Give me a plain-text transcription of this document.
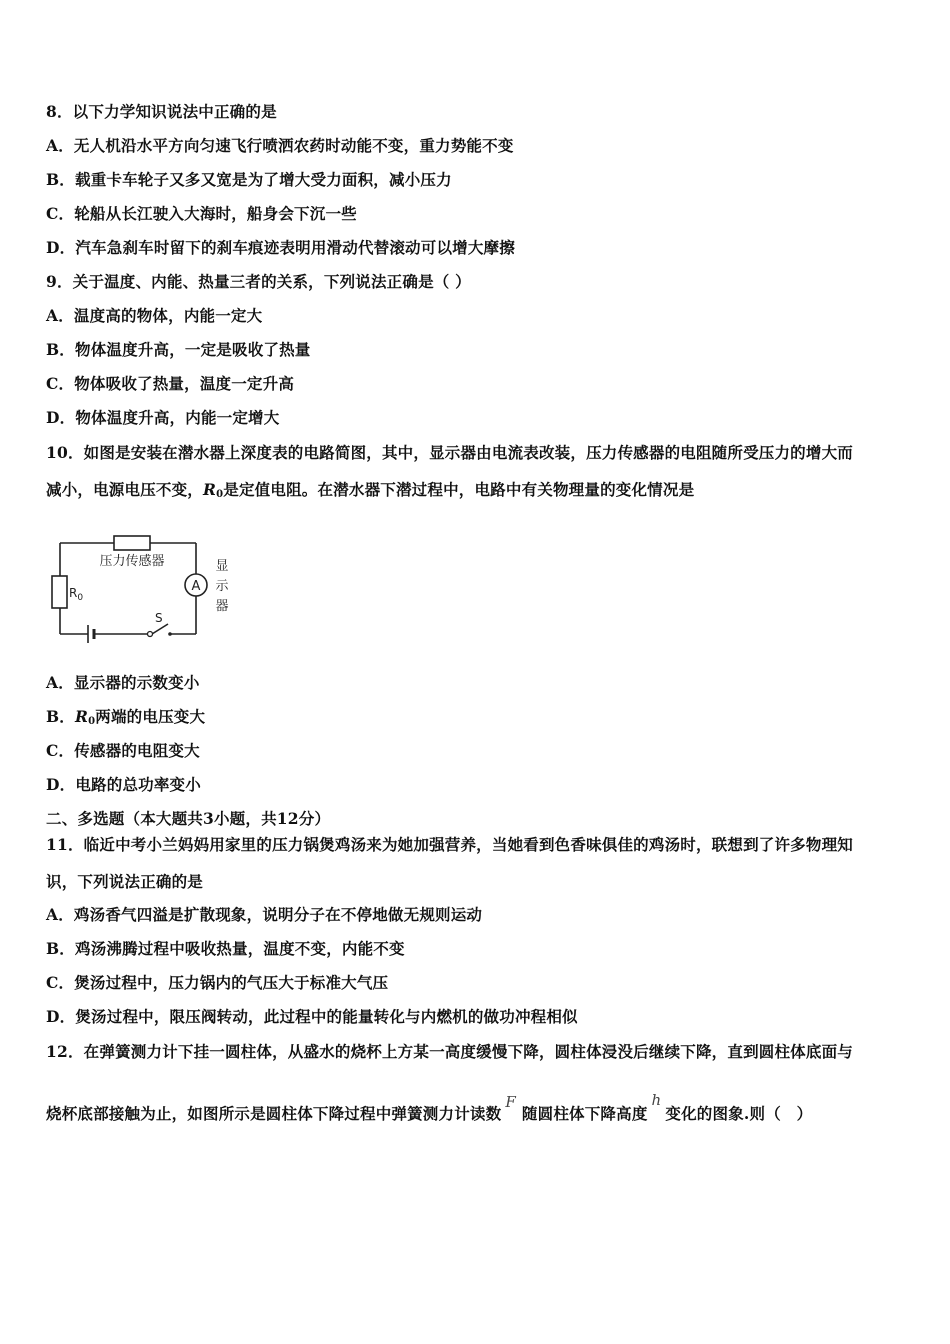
8．以下力学知识说法中正确的是
A．无人机沿水平方向匀速飞行喷洒农药时动能不变，重力势能不变
B．载重卡车轮子又多又宽是为了增大受力面积，减小压力
C．轮船从长江驶入大海时，船身会下沉一些
D．汽车急刹车时留下的刹车痕迹表明用滑动代替滚动可以增大摩擦
9．关于温度、内能、热量三者的关系，下列说法正确是（ ）
A．温度高的物体，内能一定大
B．物体温度升高，一定是吸收了热量
C．物体吸收了热量，温度一定升高
D．物体温度升高，内能一定增大
10．如图是安装在潜水器上深度表的电路简图，其中，显示器由电流表改装，压力传感器的电阻随所受压力的增大而
减小，电源电压不变，$R_0$是定值电阻。在潜水器下潜过程中，电路中有关物理量的变化情况是
压力传感器
$R_0$
A
S
显
示
器
A．显示器的示数变小
B．$R_0$两端的电压变大
C．传感器的电阻变大
D．电路的总功率变小
二、多选题（本大题共3小题，共12分）
11．临近中考小兰妈妈用家里的压力锅煲鸡汤来为她加强营养，当她看到色香味俱佳的鸡汤时，联想到了许多物理知
识，下列说法正确的是
A．鸡汤香气四溢是扩散现象，说明分子在不停地做无规则运动
B．鸡汤沸腾过程中吸收热量，温度不变，内能不变
C．煲汤过程中，压力锅内的气压大于标准大气压
D．煲汤过程中，限压阀转动，此过程中的能量转化与内燃机的做功冲程相似
12．在弹簧测力计下挂一圆柱体，从盛水的烧杯上方某一高度缓慢下降，圆柱体浸没后继续下降，直到圆柱体底面与
烧杯底部接触为止，如图所示是圆柱体下降过程中弹簧测力计读数F随圆柱体下降高度h变化的图象.则（　）
